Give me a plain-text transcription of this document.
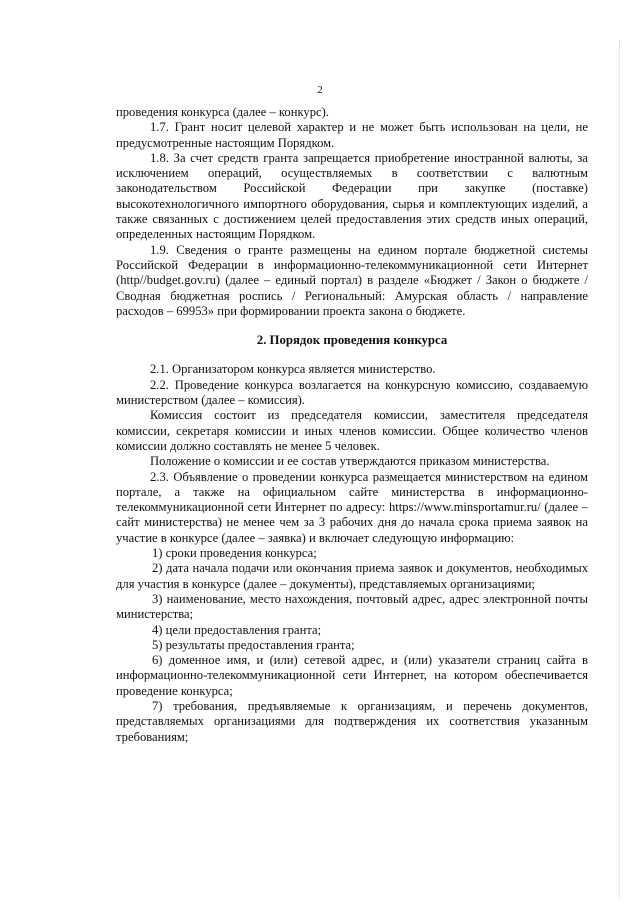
2

проведения конкурса (далее – конкурс).

1.7. Грант носит целевой характер и не может быть использован на цели, не предусмотренные настоящим Порядком.

1.8. За счет средств гранта запрещается приобретение иностранной валюты, за исключением операций, осуществляемых в соответствии с валютным законодательством Российской Федерации при закупке (поставке) высокотехнологичного импортного оборудования, сырья и комплектующих изделий, а также связанных с достижением целей предоставления этих средств иных операций, определенных настоящим Порядком.

1.9. Сведения о гранте размещены на едином портале бюджетной системы Российской Федерации в информационно-телекоммуникационной сети Интернет (http//budget.gov.ru) (далее – единый портал) в разделе «Бюджет / Закон о бюджете / Сводная бюджетная роспись / Региональный: Амурская область / направление расходов – 69953» при формировании проекта закона о бюджете.

2. Порядок проведения конкурса

2.1. Организатором конкурса является министерство.

2.2. Проведение конкурса возлагается на конкурсную комиссию, создаваемую министерством (далее – комиссия).

Комиссия состоит из председателя комиссии, заместителя председателя комиссии, секретаря комиссии и иных членов комиссии. Общее количество членов комиссии должно составлять не менее 5 человек.

Положение о комиссии и ее состав утверждаются приказом министерства.

2.3. Объявление о проведении конкурса размещается министерством на едином портале, а также на официальном сайте министерства в информационно-телекоммуникационной сети Интернет по адресу: https://www.minsportamur.ru/ (далее – сайт министерства) не менее чем за 3 рабочих дня до начала срока приема заявок на участие в конкурсе (далее – заявка) и включает следующую информацию:

1) сроки проведения конкурса;

2) дата начала подачи или окончания приема заявок и документов, необходимых для участия в конкурсе (далее – документы), представляемых организациями;

3) наименование, место нахождения, почтовый адрес, адрес электронной почты министерства;

4) цели предоставления гранта;

5) результаты предоставления гранта;

6) доменное имя, и (или) сетевой адрес, и (или) указатели страниц сайта в информационно-телекоммуникационной сети Интернет, на котором обеспечивается проведение конкурса;

7) требования, предъявляемые к организациям, и перечень документов, представляемых организациями для подтверждения их соответствия указанным требованиям;
